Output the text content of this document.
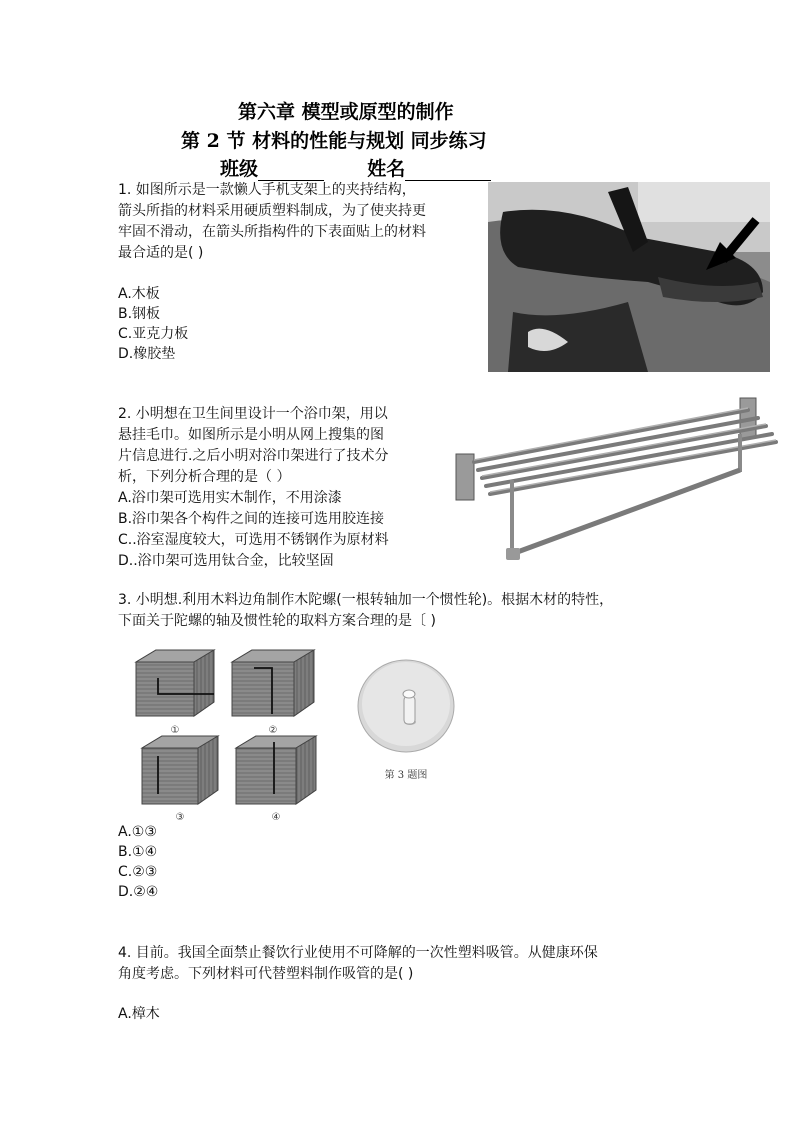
第六章 模型或原型的制作
第 2 节 材料的性能与规划 同步练习
班级	姓名
1. 如图所示是一款懒人手机支架上的夹持结构，
箭头所指的材料采用硬质塑料制成，为了使夹持更
牢固不滑动，在箭头所指构件的下表面贴上的材料
最合适的是( )
A.木板
B.钢板
C.亚克力板
D.橡胶垫
2. 小明想在卫生间里设计一个浴巾架，用以
悬挂毛巾。如图所示是小明从网上搜集的图
片信息进行.之后小明对浴巾架进行了技术分
析，下列分析合理的是（ ）
A.浴巾架可选用实木制作，不用涂漆
B.浴巾架各个构件之间的连接可选用胶连接
C..浴室湿度较大，可选用不锈钢作为原材料
D..浴巾架可选用钛合金，比较坚固
3. 小明想.利用木料边角制作木陀螺(一根转轴加一个惯性轮)。根据木材的特性，
下面关于陀螺的轴及惯性轮的取料方案合理的是〔 )
①	②
③	④
第 3 题图
A.①③
B.①④
C.②③
D.②④
4. 目前。我国全面禁止餐饮行业使用不可降解的一次性塑料吸管。从健康环保
角度考虑。下列材料可代替塑料制作吸管的是( )
A.樟木
